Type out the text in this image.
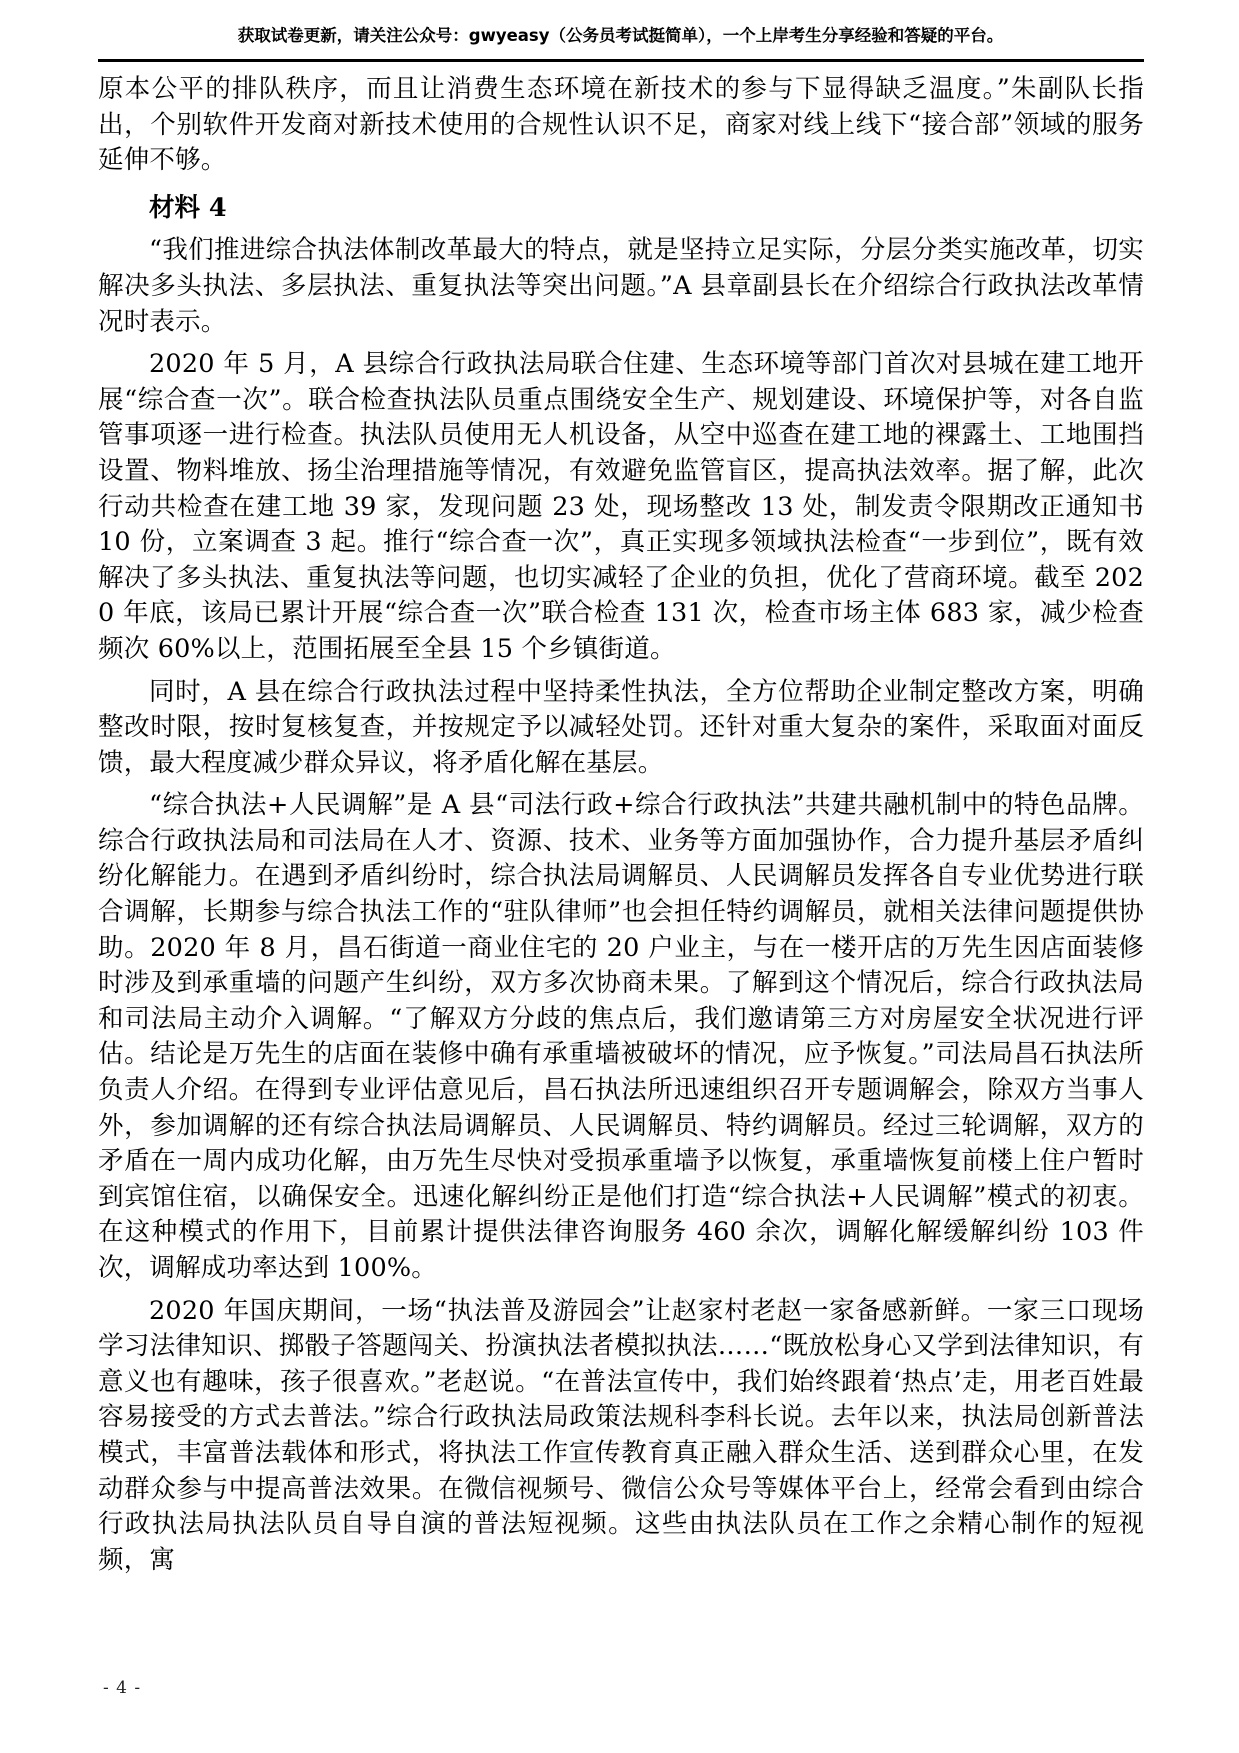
获取试卷更新，请关注公众号：gwyeasy（公务员考试挺简单），一个上岸考生分享经验和答疑的平台。

原本公平的排队秩序，而且让消费生态环境在新技术的参与下显得缺乏温度。”朱副队长指出，个别软件开发商对新技术使用的合规性认识不足，商家对线上线下“接合部”领域的服务延伸不够。

材料 4

“我们推进综合执法体制改革最大的特点，就是坚持立足实际，分层分类实施改革，切实解决多头执法、多层执法、重复执法等突出问题。”A 县章副县长在介绍综合行政执法改革情况时表示。

2020 年 5 月，A 县综合行政执法局联合住建、生态环境等部门首次对县城在建工地开展“综合查一次”。联合检查执法队员重点围绕安全生产、规划建设、环境保护等，对各自监管事项逐一进行检查。执法队员使用无人机设备，从空中巡查在建工地的裸露土、工地围挡设置、物料堆放、扬尘治理措施等情况，有效避免监管盲区，提高执法效率。据了解，此次行动共检查在建工地 39 家，发现问题 23 处，现场整改 13 处，制发责令限期改正通知书 10 份，立案调查 3 起。推行“综合查一次”，真正实现多领域执法检查“一步到位”，既有效解决了多头执法、重复执法等问题，也切实减轻了企业的负担，优化了营商环境。截至 2020 年底，该局已累计开展“综合查一次”联合检查 131 次，检查市场主体 683 家，减少检查频次 60%以上，范围拓展至全县 15 个乡镇街道。

同时，A 县在综合行政执法过程中坚持柔性执法，全方位帮助企业制定整改方案，明确整改时限，按时复核复查，并按规定予以减轻处罚。还针对重大复杂的案件，采取面对面反馈，最大程度减少群众异议，将矛盾化解在基层。

“综合执法+人民调解”是 A 县“司法行政+综合行政执法”共建共融机制中的特色品牌。综合行政执法局和司法局在人才、资源、技术、业务等方面加强协作，合力提升基层矛盾纠纷化解能力。在遇到矛盾纠纷时，综合执法局调解员、人民调解员发挥各自专业优势进行联合调解，长期参与综合执法工作的“驻队律师”也会担任特约调解员，就相关法律问题提供协助。2020 年 8 月，昌石街道一商业住宅的 20 户业主，与在一楼开店的万先生因店面装修时涉及到承重墙的问题产生纠纷，双方多次协商未果。了解到这个情况后，综合行政执法局和司法局主动介入调解。“了解双方分歧的焦点后，我们邀请第三方对房屋安全状况进行评估。结论是万先生的店面在装修中确有承重墙被破坏的情况，应予恢复。”司法局昌石执法所负责人介绍。在得到专业评估意见后，昌石执法所迅速组织召开专题调解会，除双方当事人外，参加调解的还有综合执法局调解员、人民调解员、特约调解员。经过三轮调解，双方的矛盾在一周内成功化解，由万先生尽快对受损承重墙予以恢复，承重墙恢复前楼上住户暂时到宾馆住宿，以确保安全。迅速化解纠纷正是他们打造“综合执法+人民调解”模式的初衷。在这种模式的作用下，目前累计提供法律咨询服务 460 余次，调解化解缓解纠纷 103 件次，调解成功率达到 100%。

2020 年国庆期间，一场“执法普及游园会”让赵家村老赵一家备感新鲜。一家三口现场学习法律知识、掷骰子答题闯关、扮演执法者模拟执法……“既放松身心又学到法律知识，有意义也有趣味，孩子很喜欢。”老赵说。“在普法宣传中，我们始终跟着‘热点’走，用老百姓最容易接受的方式去普法。”综合行政执法局政策法规科李科长说。去年以来，执法局创新普法模式，丰富普法载体和形式，将执法工作宣传教育真正融入群众生活、送到群众心里，在发动群众参与中提高普法效果。在微信视频号、微信公众号等媒体平台上，经常会看到由综合行政执法局执法队员自导自演的普法短视频。这些由执法队员在工作之余精心制作的短视频，寓

- 4 -
